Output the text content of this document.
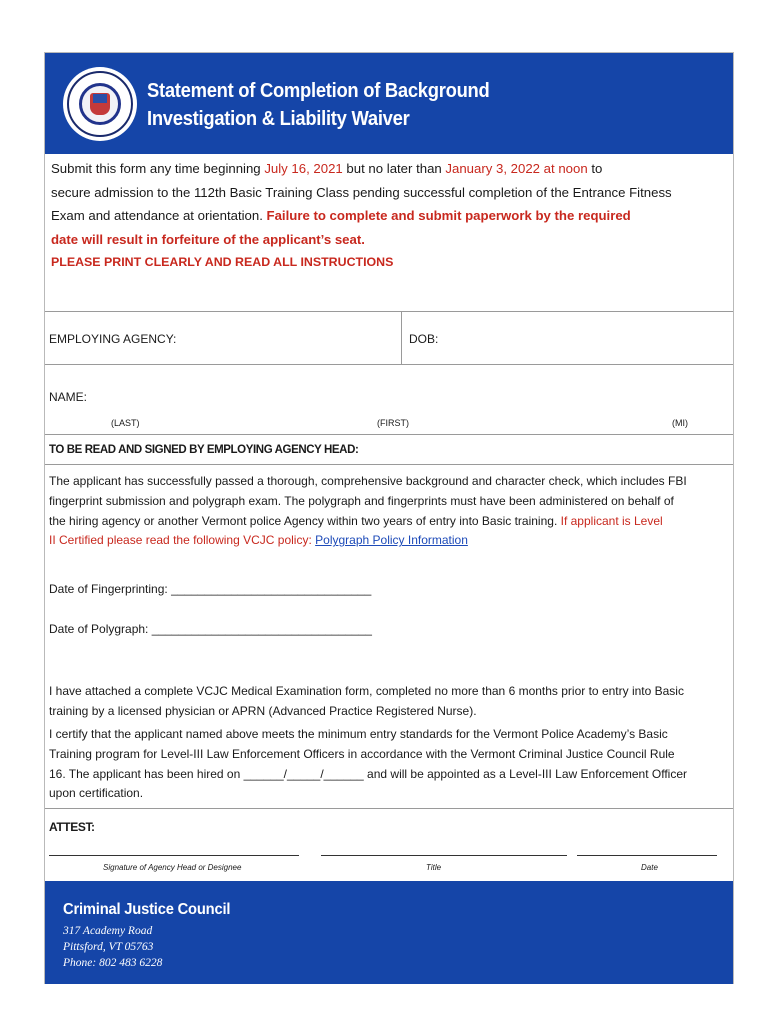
Statement of Completion of Background
Investigation & Liability Waiver
Submit this form any time beginning July 16, 2021 but no later than January 3, 2022 at noon to
secure admission to the 112th Basic Training Class pending successful completion of the Entrance Fitness
Exam and attendance at orientation. Failure to complete and submit paperwork by the required
date will result in forfeiture of the applicant’s seat.
PLEASE PRINT CLEARLY AND READ ALL INSTRUCTIONS
EMPLOYING AGENCY:	DOB:
NAME:
(LAST)	(FIRST)	(MI)
TO BE READ AND SIGNED BY EMPLOYING AGENCY HEAD:
The applicant has successfully passed a thorough, comprehensive background and character check, which includes FBI
fingerprint submission and polygraph exam. The polygraph and fingerprints must have been administered on behalf of
the hiring agency or another Vermont police Agency within two years of entry into Basic training. If applicant is Level
II Certified please read the following VCJC policy: Polygraph Policy Information
Date of Fingerprinting: ______________________________
Date of Polygraph: _________________________________
I have attached a complete VCJC Medical Examination form, completed no more than 6 months prior to entry into Basic
training by a licensed physician or APRN (Advanced Practice Registered Nurse).
I certify that the applicant named above meets the minimum entry standards for the Vermont Police Academy’s Basic
Training program for Level-III Law Enforcement Officers in accordance with the Vermont Criminal Justice Council Rule
16. The applicant has been hired on ______/_____/______ and will be appointed as a Level-III Law Enforcement Officer
upon certification.
ATTEST:
Signature of Agency Head or Designee	Title	Date
Criminal Justice Council
317 Academy Road
Pittsford, VT 05763
Phone: 802 483 6228
